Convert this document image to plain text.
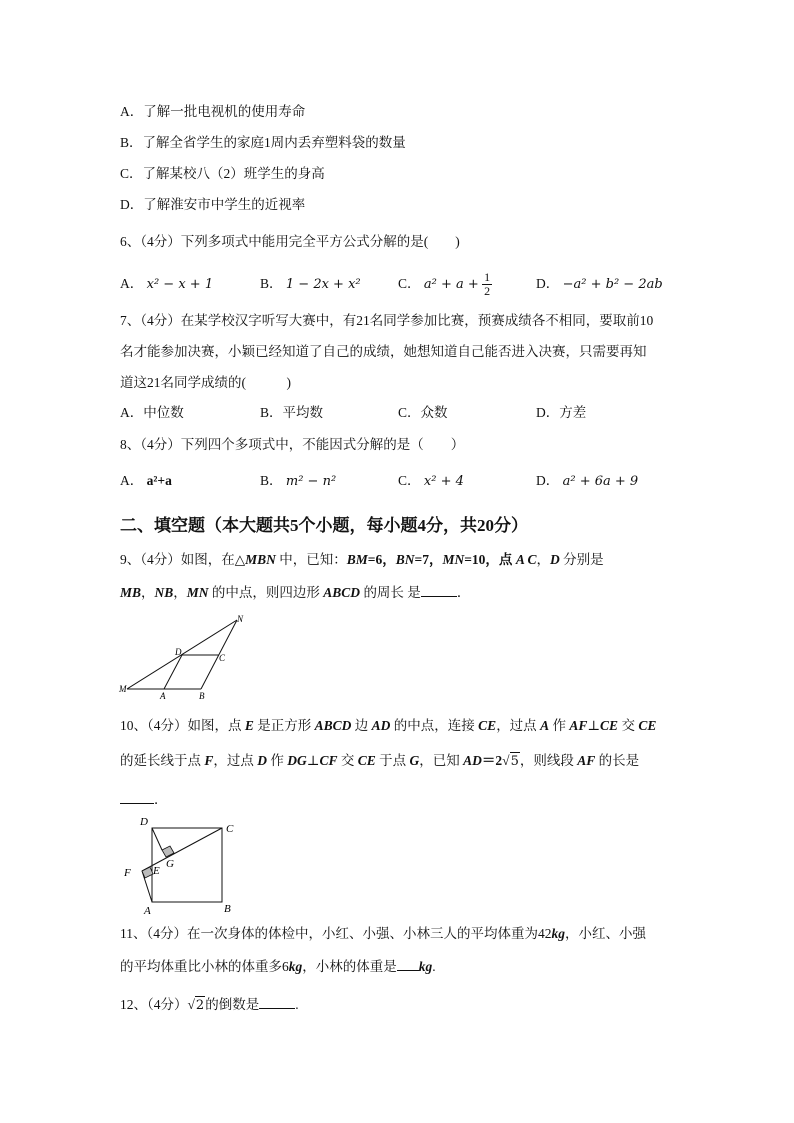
A．了解一批电视机的使用寿命
B．了解全省学生的家庭1周内丢弃塑料袋的数量
C．了解某校八（2）班学生的身高
D．了解淮安市中学生的近视率
6、（4分）下列多项式中能用完全平方公式分解的是(　　)
A． x² − x + 1	B． 1 − 2x + x²	C． $a^2 + a + \frac{1}{2}$	D． −a² + b² − 2ab
7、（4分）在某学校汉字听写大赛中，有21名同学参加比赛，预赛成绩各不相同，要取前10
名才能参加决赛，小颖已经知道了自己的成绩，她想知道自己能否进入决赛，只需要再知
道这21名同学成绩的(　　　)
A．中位数	B．平均数	C．众数	D．方差
8、（4分）下列四个多项式中，不能因式分解的是（　　）
A． a²+a	B． m² − n²	C． x² + 4	D． a² + 6a + 9
二、填空题（本大题共5个小题，每小题4分，共20分）
9、（4分）如图，在△MBN 中，已知：BM=6，BN=7，MN=10，点 A C，D 分别是
MB，NB，MN 的中点，则四边形 ABCD 的周长 是	．
N
D
C
M
A	B
10、（4分）如图，点 E 是正方形 ABCD 边 AD 的中点，连接 CE，过点 A 作 AF⊥CE 交 CE
的延长线于点 F，过点 D 作 DG⊥CF 交 CE 于点 G，已知 AD＝2√5，则线段 AF 的长是
．
D
C
G
F E
A	B
11、（4分）在一次身体的体检中，小红、小强、小林三人的平均体重为42kg，小红、小强
的平均体重比小林的体重多6kg，小林的体重是 kg.
12、（4分）√2的倒数是	.
